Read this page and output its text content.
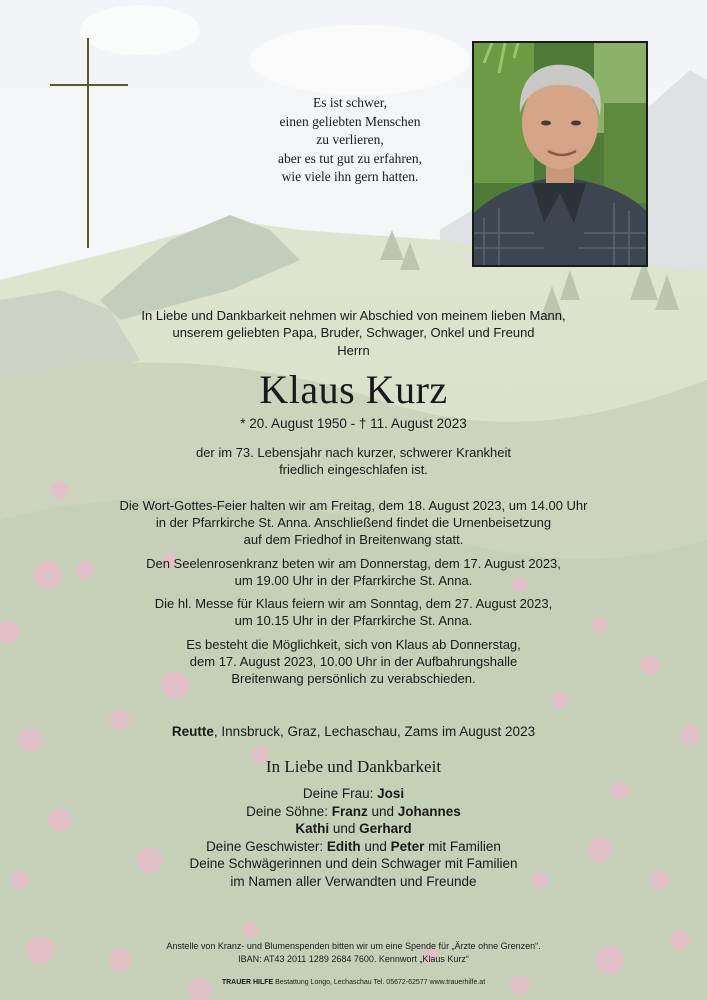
Es ist schwer,
einen geliebten Menschen
zu verlieren,
aber es tut gut zu erfahren,
wie viele ihn gern hatten.
In Liebe und Dankbarkeit nehmen wir Abschied von meinem lieben Mann,
unserem geliebten Papa, Bruder, Schwager, Onkel und Freund
Herrn
Klaus Kurz
* 20. August 1950 - † 11. August 2023
der im 73. Lebensjahr nach kurzer, schwerer Krankheit
friedlich eingeschlafen ist.
Die Wort-Gottes-Feier halten wir am Freitag, dem 18. August 2023, um 14.00 Uhr
in der Pfarrkirche St. Anna. Anschließend findet die Urnenbeisetzung
auf dem Friedhof in Breitenwang statt.
Den Seelenrosenkranz beten wir am Donnerstag, dem 17. August 2023,
um 19.00 Uhr in der Pfarrkirche St. Anna.
Die hl. Messe für Klaus feiern wir am Sonntag, dem 27. August 2023,
um 10.15 Uhr in der Pfarrkirche St. Anna.
Es besteht die Möglichkeit, sich von Klaus ab Donnerstag,
dem 17. August 2023, 10.00 Uhr in der Aufbahrungshalle
Breitenwang persönlich zu verabschieden.
Reutte, Innsbruck, Graz, Lechaschau, Zams im August 2023
In Liebe und Dankbarkeit
Deine Frau: Josi
Deine Söhne: Franz und Johannes
Kathi und Gerhard
Deine Geschwister: Edith und Peter mit Familien
Deine Schwägerinnen und dein Schwager mit Familien
im Namen aller Verwandten und Freunde
Anstelle von Kranz- und Blumenspenden bitten wir um eine Spende für „Ärzte ohne Grenzen“.
IBAN: AT43 2011 1289 2684 7600. Kennwort „Klaus Kurz“
TRAUER HILFE Bestattung Longo, Lechaschau Tel. 05672-62577 www.trauerhilfe.at
